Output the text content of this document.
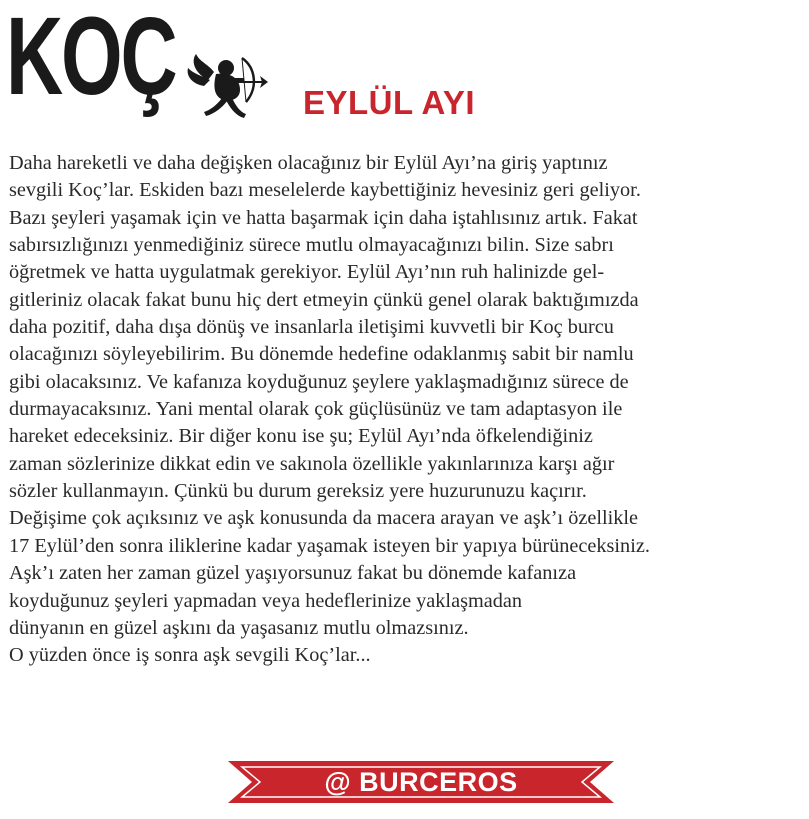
KOÇ	EYLÜL AYI

Daha hareketli ve daha değişken olacağınız bir Eylül Ayı’na giriş yaptınız
sevgili Koç’lar. Eskiden bazı meselelerde kaybettiğiniz hevesiniz geri geliyor.
Bazı şeyleri yaşamak için ve hatta başarmak için daha iştahlısınız artık. Fakat
sabırsızlığınızı yenmediğiniz sürece mutlu olmayacağınızı bilin. Size sabrı
öğretmek ve hatta uygulatmak gerekiyor. Eylül Ayı’nın ruh halinizde gel-
gitleriniz olacak fakat bunu hiç dert etmeyin çünkü genel olarak baktığımızda
daha pozitif, daha dışa dönüş ve insanlarla iletişimi kuvvetli bir Koç burcu
olacağınızı söyleyebilirim. Bu dönemde hedefine odaklanmış sabit bir namlu
gibi olacaksınız. Ve kafanıza koyduğunuz şeylere yaklaşmadığınız sürece de
durmayacaksınız. Yani mental olarak çok güçlüsünüz ve tam adaptasyon ile
hareket edeceksiniz. Bir diğer konu ise şu; Eylül Ayı’nda öfkelendiğiniz
zaman sözlerinize dikkat edin ve sakınola özellikle yakınlarınıza karşı ağır
sözler kullanmayın. Çünkü bu durum gereksiz yere huzurunuzu kaçırır.
Değişime çok açıksınız ve aşk konusunda da macera arayan ve aşk’ı özellikle
17 Eylül’den sonra iliklerine kadar yaşamak isteyen bir yapıya bürüneceksiniz.
Aşk’ı zaten her zaman güzel yaşıyorsunuz fakat bu dönemde kafanıza
koyduğunuz şeyleri yapmadan veya hedeflerinize yaklaşmadan
dünyanın en güzel aşkını da yaşasanız mutlu olmazsınız.
O yüzden önce iş sonra aşk sevgili Koç’lar...

@ BURCEROS
